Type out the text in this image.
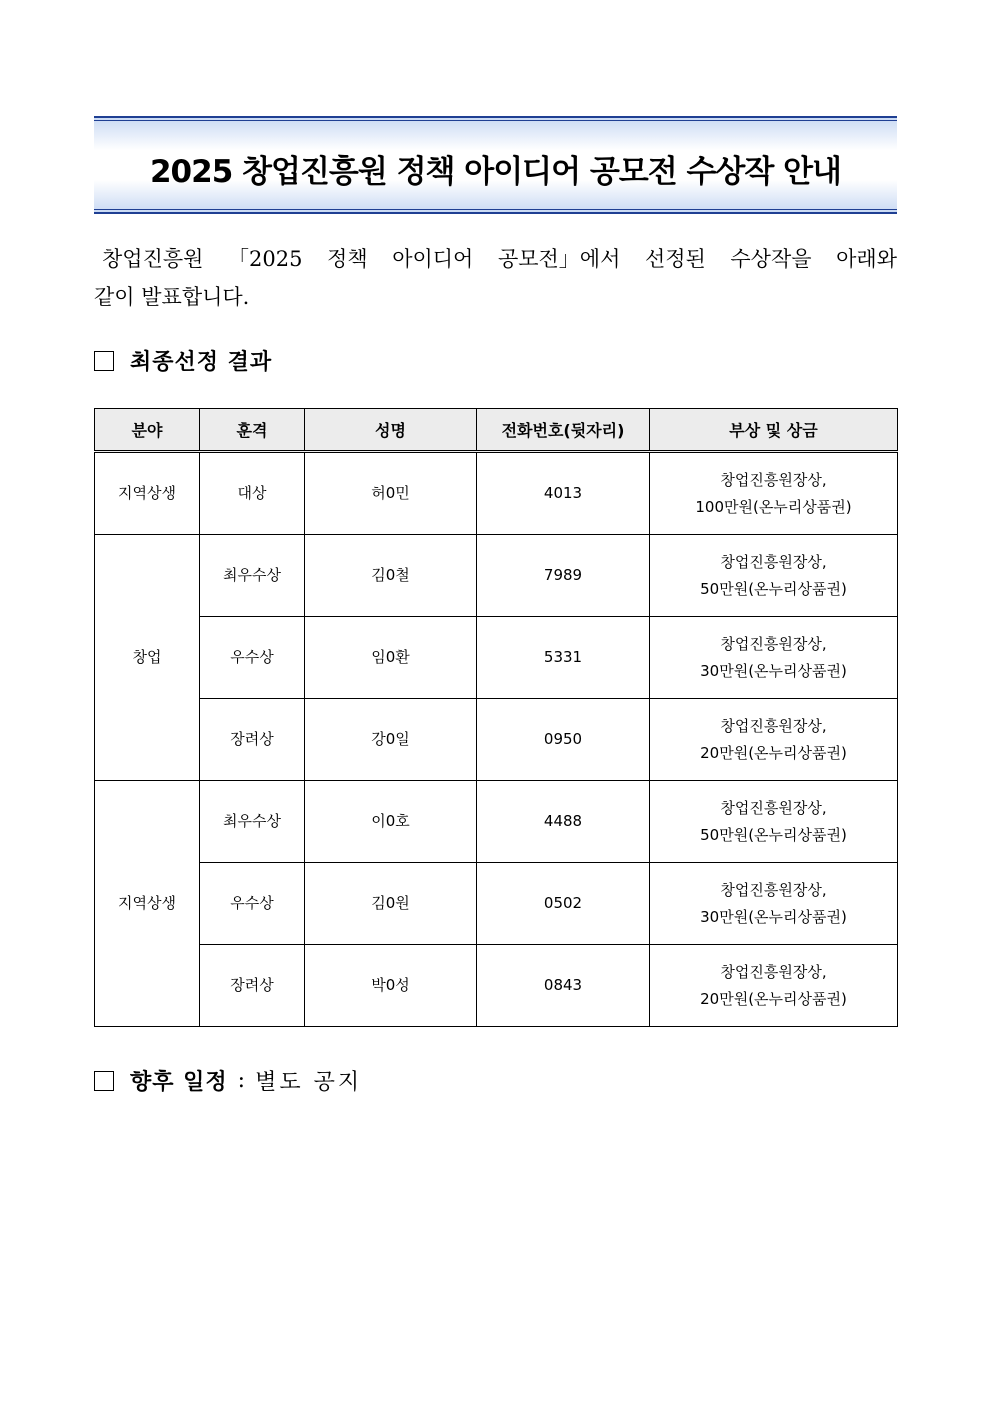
2025 창업진흥원 정책 아이디어 공모전 수상작 안내
창업진흥원 「2025 정책 아이디어 공모전」에서 선정된 수상작을 아래와
같이 발표합니다.
최종선정 결과
분야	훈격	성명	전화번호(뒷자리)	부상 및 상금
지역상생	대상	허0민	4013	창업진흥원장상,
100만원(온누리상품권)
창업	최우수상	김0철	7989	창업진흥원장상,
50만원(온누리상품권)
	우수상	임0환	5331	창업진흥원장상,
30만원(온누리상품권)
	장려상	강0일	0950	창업진흥원장상,
20만원(온누리상품권)
지역상생	최우수상	이0호	4488	창업진흥원장상,
50만원(온누리상품권)
	우수상	김0원	0502	창업진흥원장상,
30만원(온누리상품권)
	장려상	박0성	0843	창업진흥원장상,
20만원(온누리상품권)
향후 일정 : 별도 공지
